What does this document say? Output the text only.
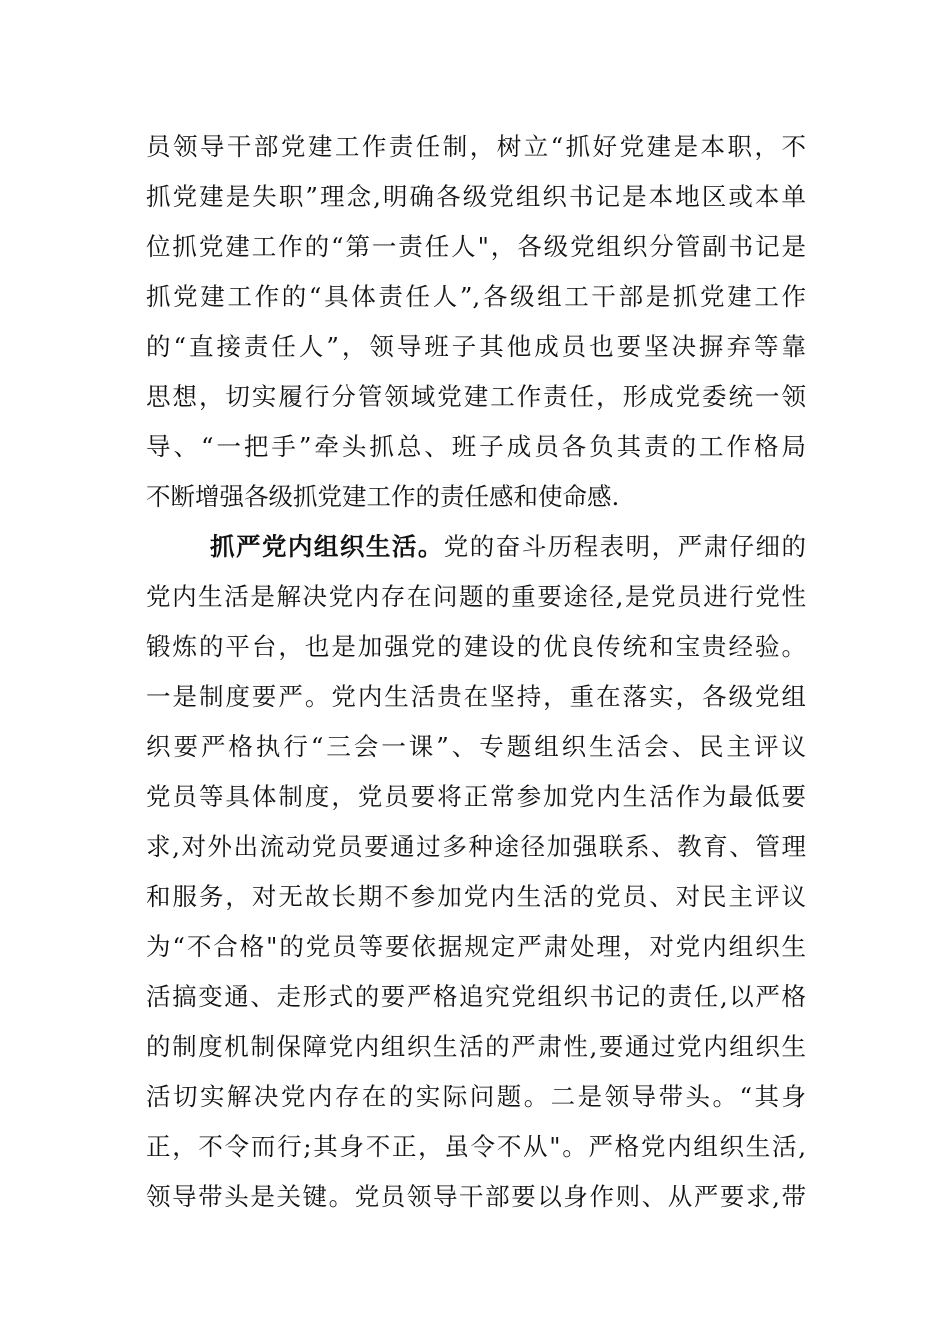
员领导干部党建工作责任制，树立“抓好党建是本职，不
抓党建是失职”理念,明确各级党组织书记是本地区或本单
位抓党建工作的“第一责任人"，各级党组织分管副书记是
抓党建工作的“具体责任人”,各级组工干部是抓党建工作
的“直接责任人”，领导班子其他成员也要坚决摒弃等靠
思想，切实履行分管领域党建工作责任，形成党委统一领
导、“一把手”牵头抓总、班子成员各负其责的工作格局
不断增强各级抓党建工作的责任感和使命感.
抓严党内组织生活。党的奋斗历程表明，严肃仔细的
党内生活是解决党内存在问题的重要途径,是党员进行党性
锻炼的平台，也是加强党的建设的优良传统和宝贵经验。
一是制度要严。党内生活贵在坚持，重在落实，各级党组
织要严格执行“三会一课”、专题组织生活会、民主评议
党员等具体制度，党员要将正常参加党内生活作为最低要
求,对外出流动党员要通过多种途径加强联系、教育、管理
和服务，对无故长期不参加党内生活的党员、对民主评议
为“不合格"的党员等要依据规定严肃处理，对党内组织生
活搞变通、走形式的要严格追究党组织书记的责任,以严格
的制度机制保障党内组织生活的严肃性,要通过党内组织生
活切实解决党内存在的实际问题。二是领导带头。“其身
正，不令而行;其身不正，虽令不从"。严格党内组织生活,
领导带头是关键。党员领导干部要以身作则、从严要求,带
